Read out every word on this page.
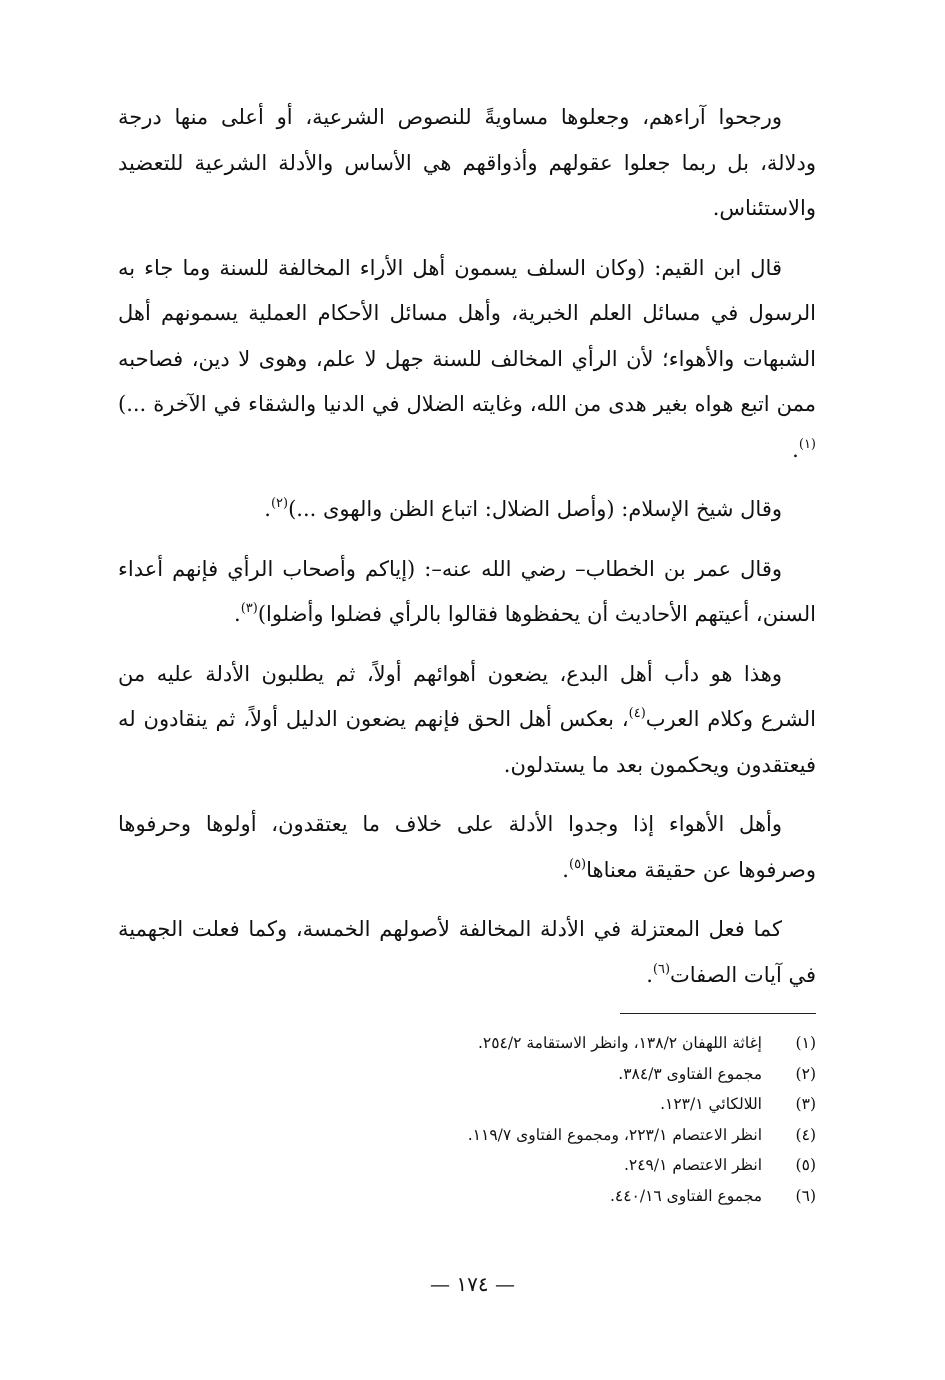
ورجحوا آراءهم، وجعلوها مساويةً للنصوص الشرعية، أو أعلى منها درجة ودلالة، بل ربما جعلوا عقولهم وأذواقهم هي الأساس والأدلة الشرعية للتعضيد والاستئناس.

قال ابن القيم: (وكان السلف يسمون أهل الأراء المخالفة للسنة وما جاء به الرسول في مسائل العلم الخبرية، وأهل مسائل الأحكام العملية يسمونهم أهل الشبهات والأهواء؛ لأن الرأي المخالف للسنة جهل لا علم، وهوى لا دين، فصاحبه ممن اتبع هواه بغير هدى من الله، وغايته الضلال في الدنيا والشقاء في الآخرة ...)$^{(١)}$.

وقال شيخ الإسلام: (وأصل الضلال: اتباع الظن والهوى ...)$^{(٢)}$.

وقال عمر بن الخطاب– رضي الله عنه–: (إياكم وأصحاب الرأي فإنهم أعداء السنن، أعيتهم الأحاديث أن يحفظوها فقالوا بالرأي فضلوا وأضلوا)$^{(٣)}$.

وهذا هو دأب أهل البدع، يضعون أهوائهم أولاً، ثم يطلبون الأدلة عليه من الشرع وكلام العرب$^{(٤)}$، بعكس أهل الحق فإنهم يضعون الدليل أولاً، ثم ينقادون له فيعتقدون ويحكمون بعد ما يستدلون.

وأهل الأهواء إذا وجدوا الأدلة على خلاف ما يعتقدون، أولوها وحرفوها وصرفوها عن حقيقة معناها$^{(٥)}$.

كما فعل المعتزلة في الأدلة المخالفة لأصولهم الخمسة، وكما فعلت الجهمية في آيات الصفات$^{(٦)}$.

(١)
إغاثة اللهفان ١٣٨/٢، وانظر الاستقامة ٢٥٤/٢.
(٢)
مجموع الفتاوى ٣٨٤/٣.
(٣)
اللالكائي ١٢٣/١.
(٤)
انظر الاعتصام ٢٢٣/١، ومجموع الفتاوى ١١٩/٧.
(٥)
انظر الاعتصام ٢٤٩/١.
(٦)
مجموع الفتاوى ٤٤٠/١٦.
— ١٧٤ —
